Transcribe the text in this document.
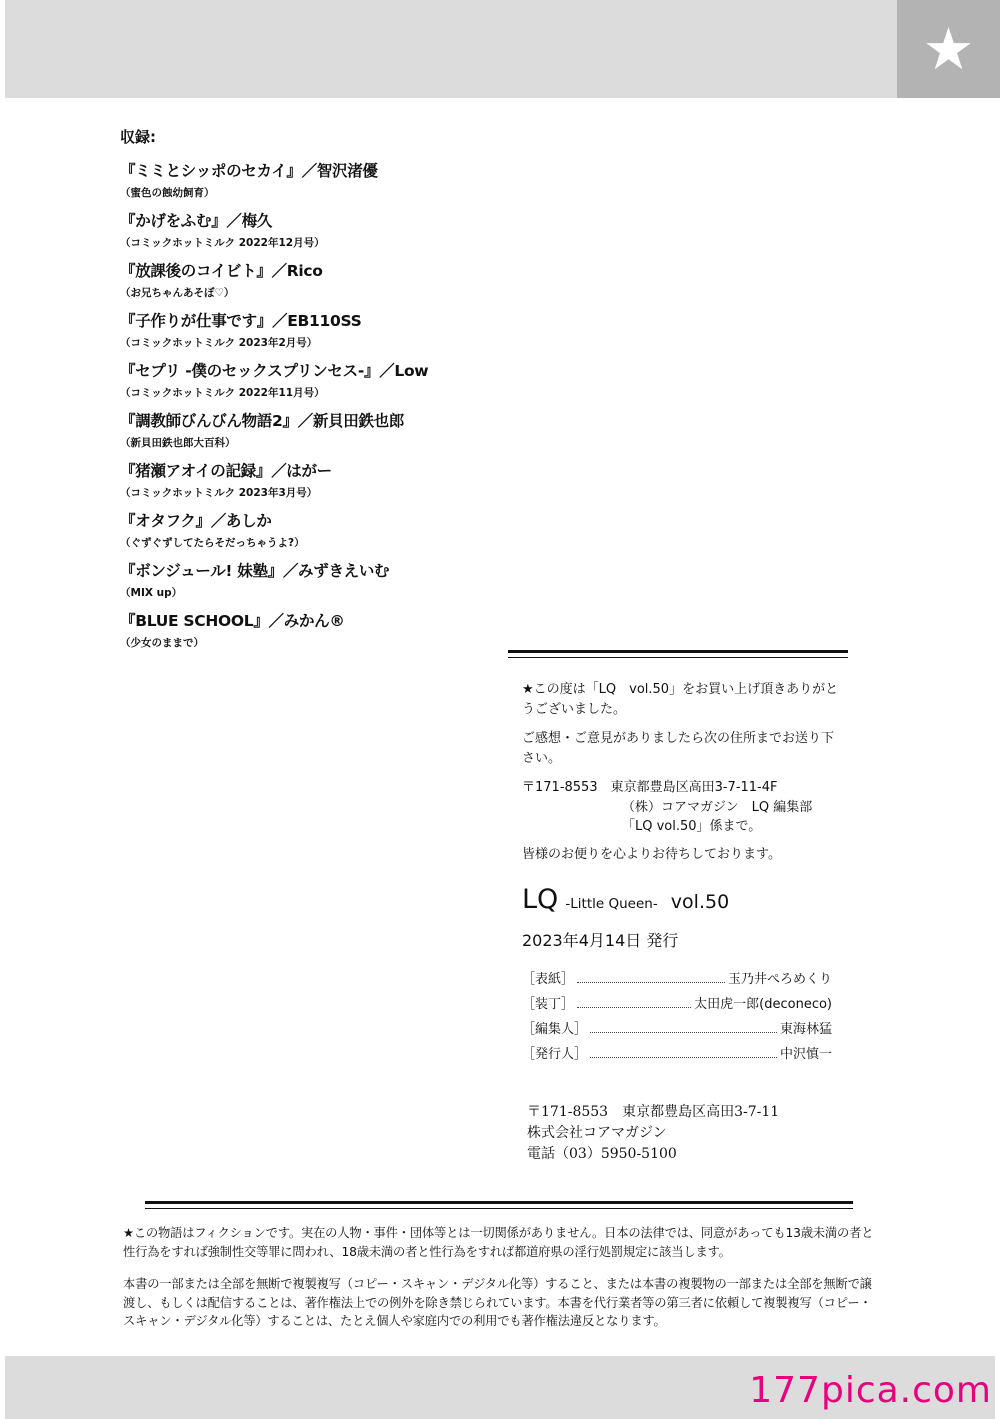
★
収録:
『ミミとシッポのセカイ』／智沢渚優
（蜜色の蝕幼飼育）
『かげをふむ』／梅久
（コミックホットミルク 2022年12月号）
『放課後のコイビト』／Rico
（お兄ちゃんあそぼ♡）
『子作りが仕事です』／EB110SS
（コミックホットミルク 2023年2月号）
『セプリ -僕のセックスプリンセス-』／Low
（コミックホットミルク 2022年11月号）
『調教師びんびん物語2』／新貝田鉄也郎
（新貝田鉄也郎大百科）
『猪瀬アオイの記録』／はがー
（コミックホットミルク 2023年3月号）
『オタフク』／あしか
（ぐずぐずしてたらそだっちゃうよ?）
『ボンジュール! 妹塾』／みずきえいむ
（MIX up）
『BLUE SCHOOL』／みかん®
（少女のままで）

★この度は「LQ　vol.50」をお買い上げ頂きありがとうございました。

ご感想・ご意見がありましたら次の住所までお送り下さい。

〒171-8553　東京都豊島区高田3-7-11-4F
（株）コアマガジン　LQ 編集部
「LQ vol.50」係まで。

皆様のお便りを心よりお待ちしております。

LQ -Little Queen- vol.50
2023年4月14日 発行
［表紙］	玉乃井ぺろめくり
［装丁］	太田虎一郎(deconeco)
［編集人］	東海林猛
［発行人］	中沢慎一
〒171-8553　東京都豊島区高田3-7-11
株式会社コアマガジン
電話（03）5950-5100

★この物語はフィクションです。実在の人物・事件・団体等とは一切関係がありません。日本の法律では、同意があっても13歳未満の者と性行為をすれば強制性交等罪に問われ、18歳未満の者と性行為をすれば都道府県の淫行処罰規定に該当します。

本書の一部または全部を無断で複製複写（コピー・スキャン・デジタル化等）すること、または本書の複製物の一部または全部を無断で譲渡し、もしくは配信することは、著作権法上での例外を除き禁じられています。本書を代行業者等の第三者に依頼して複製複写（コピー・スキャン・デジタル化等）することは、たとえ個人や家庭内での利用でも著作権法違反となります。

177pica.com
